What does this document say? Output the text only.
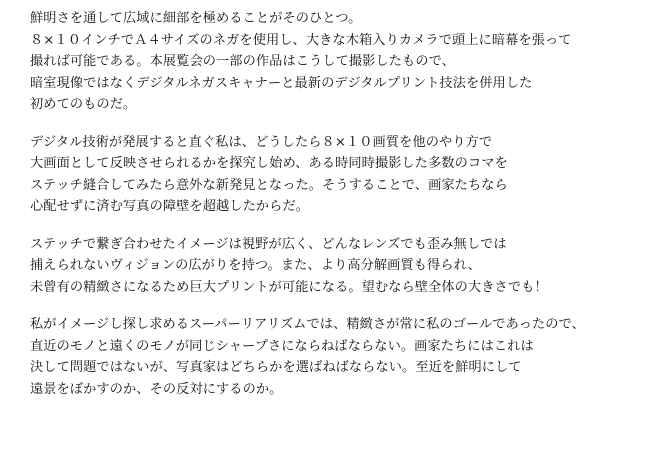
鮮明さを通して広域に細部を極めることがそのひとつ。
８×１０インチでＡ４サイズのネガを使用し、大きな木箱入りカメラで頭上に暗幕を張って
撮れば可能である。本展覧会の一部の作品はこうして撮影したもので、
暗室現像ではなくデジタルネガスキャナーと最新のデジタルプリント技法を併用した
初めてのものだ。
デジタル技術が発展すると直ぐ私は、どうしたら８×１０画質を他のやり方で
大画面として反映させられるかを探究し始め、ある時同時撮影した多数のコマを
ステッチ縫合してみたら意外な新発見となった。そうすることで、画家たちなら
心配せずに済む写真の障壁を超越したからだ。
ステッチで繋ぎ合わせたイメージは視野が広く、どんなレンズでも歪み無しでは
捕えられないヴィジョンの広がりを持つ。また、より高分解画質も得られ、
未曾有の精緻さになるため巨大プリントが可能になる。望むなら壁全体の大きさでも！
私がイメージし探し求めるスーパーリアリズムでは、精緻さが常に私のゴールであったので、
直近のモノと遠くのモノが同じシャープさにならねばならない。画家たちにはこれは
決して問題ではないが、写真家はどちらかを選ばねばならない。至近を鮮明にして
遠景をぼかすのか、その反対にするのか。
